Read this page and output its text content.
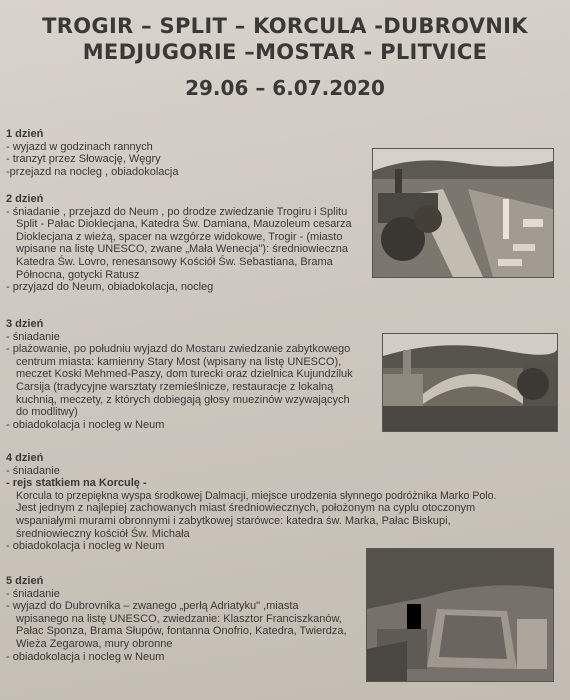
TROGIR – SPLIT – KORCULA -DUBROVNIK
MEDJUGORIE –MOSTAR - PLITVICE
29.06 – 6.07.2020
1 dzień
- wyjazd w godzinach rannych
- tranzyt przez Słowację, Węgry
-przejazd na nocleg , obiadokolacja
2 dzień
- śniadanie , przejazd do Neum , po drodze zwiedzanie Trogiru i Splitu
Split - Pałac Dioklecjana, Katedra Św. Damiana, Mauzoleum cesarza
Dioklecjana z wieżą, spacer na wzgórze widokowe, Trogir - (miasto
wpisane na listę UNESCO, zwane „Mała Wenecja"): średniowieczna
Katedra Św. Lovro, renesansowy Kościół Św. Sebastiana, Brama
Północna, gotycki Ratusz
- przyjazd do Neum, obiadokolacja, nocleg
3 dzień
- śniadanie
- plażowanie, po południu wyjazd do Mostaru zwiedzanie zabytkowego
centrum miasta: kamienny Stary Most (wpisany na listę UNESCO),
meczet Koski Mehmed-Paszy, dom turecki oraz dzielnica Kujundziluk
Carsija (tradycyjne warsztaty rzemieślnicze, restauracje z lokalną
kuchnią, meczety, z których dobiegają głosy muezinów wzywających
do modlitwy)
- obiadokolacja i nocleg w Neum
4 dzień
- śniadanie
- rejs statkiem na Korculę -
Korcula to przepiękna wyspa środkowej Dalmacji, miejsce urodzenia słynnego podróżnika Marko Polo.
Jest jednym z najlepiej zachowanych miast średniowiecznych, położonym na cyplu otoczonym
wspaniałymi murami obronnymi i zabytkowej starówce: katedra św. Marka, Pałac Biskupi,
średniowieczny kościół Św. Michała
- obiadokolacja i nocleg w Neum
5 dzień
- śniadanie
- wyjazd do Dubrovnika – zwanego „perłą Adriatyku" ,miasta
wpisanego na listę UNESCO, zwiedzanie: Klasztor Franciszkanów,
Pałac Sponza, Brama Słupów, fontanna Onofrio, Katedra, Twierdza,
Wieża Zegarowa, mury obronne
- obiadokolacja i nocleg w Neum
